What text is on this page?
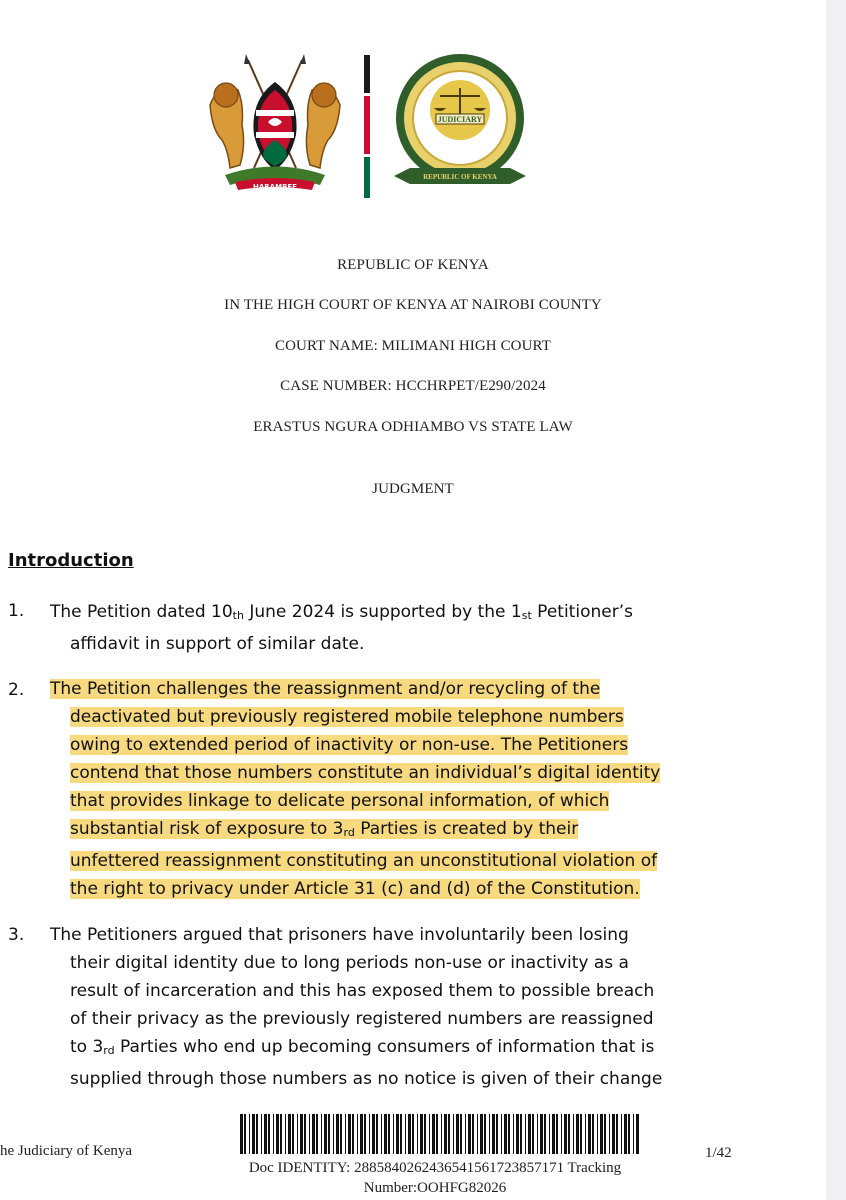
HARAMBEE
JUDICIARY
REPUBLIC OF KENYA
REPUBLIC OF KENYA
IN THE HIGH COURT OF KENYA AT NAIROBI COUNTY
COURT NAME: MILIMANI HIGH COURT
CASE NUMBER: HCCHRPET/E290/2024
ERASTUS NGURA ODHIAMBO VS STATE LAW
JUDGMENT
Introduction
1. The Petition dated $10_{th}$ June 2024 is supported by the $1_{st}$ Petitioner’s
affidavit in support of similar date.
2. The Petition challenges the reassignment and/or recycling of the
deactivated but previously registered mobile telephone numbers
owing to extended period of inactivity or non-use. The Petitioners
contend that those numbers constitute an individual’s digital identity
that provides linkage to delicate personal information, of which
substantial risk of exposure to $3_{rd}$ Parties is created by their
unfettered reassignment constituting an unconstitutional violation of
the right to privacy under Article 31 (c) and (d) of the Constitution.
3. The Petitioners argued that prisoners have involuntarily been losing
their digital identity due to long periods non-use or inactivity as a
result of incarceration and this has exposed them to possible breach
of their privacy as the previously registered numbers are reassigned
to $3_{rd}$ Parties who end up becoming consumers of information that is
supplied through those numbers as no notice is given of their change
he Judiciary of Kenya
Doc IDENTITY: 288584026243654156172385717​1 Tracking
Number:OOHFG82026
1/42
